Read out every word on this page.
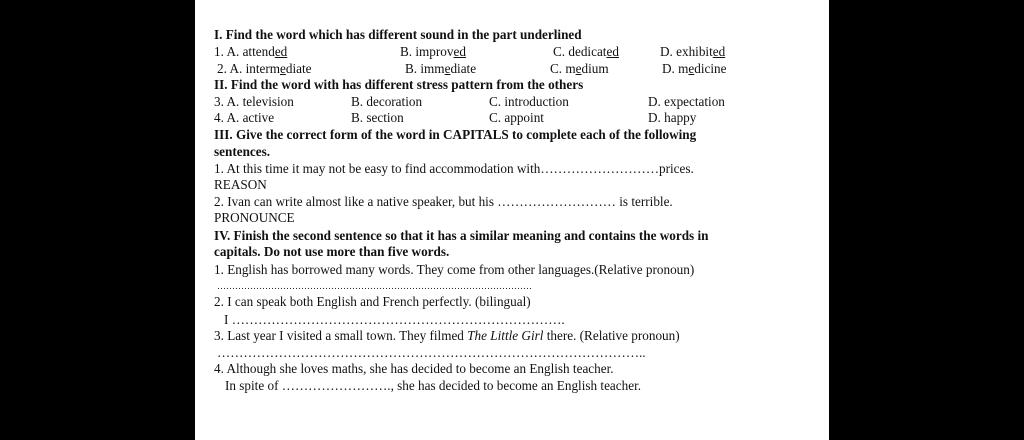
I. Find the word which has different sound in the part underlined
1. A. attended	B. improved	C. dedicated	D. exhibited
2. A. intermediate	B. immediate	C. medium	D. medicine
II. Find the word with has different stress pattern from the others
3. A. television	B. decoration	C. introduction	D. expectation
4. A. active	B. section	C. appoint	D. happy
III. Give the correct form of the word in CAPITALS to complete each of the following
sentences.
1. At this time it may not be easy to find accommodation with………………………prices.
REASON
2. Ivan can write almost like a native speaker, but his ……………………… is terrible.
PRONOUNCE
IV. Finish the second sentence so that it has a similar meaning and contains the words in
capitals. Do not use more than five words.
1. English has borrowed many words. They come from other languages.(Relative pronoun)
……………………………………………………………………………………………
2. I can speak both English and French perfectly. (bilingual)
I ………………………………………………………………….
3. Last year I visited a small town. They filmed The Little Girl there. (Relative pronoun)
……………………………………………………………………………………..
4. Although she loves maths, she has decided to become an English teacher.
In spite of ……………………., she has decided to become an English teacher.
